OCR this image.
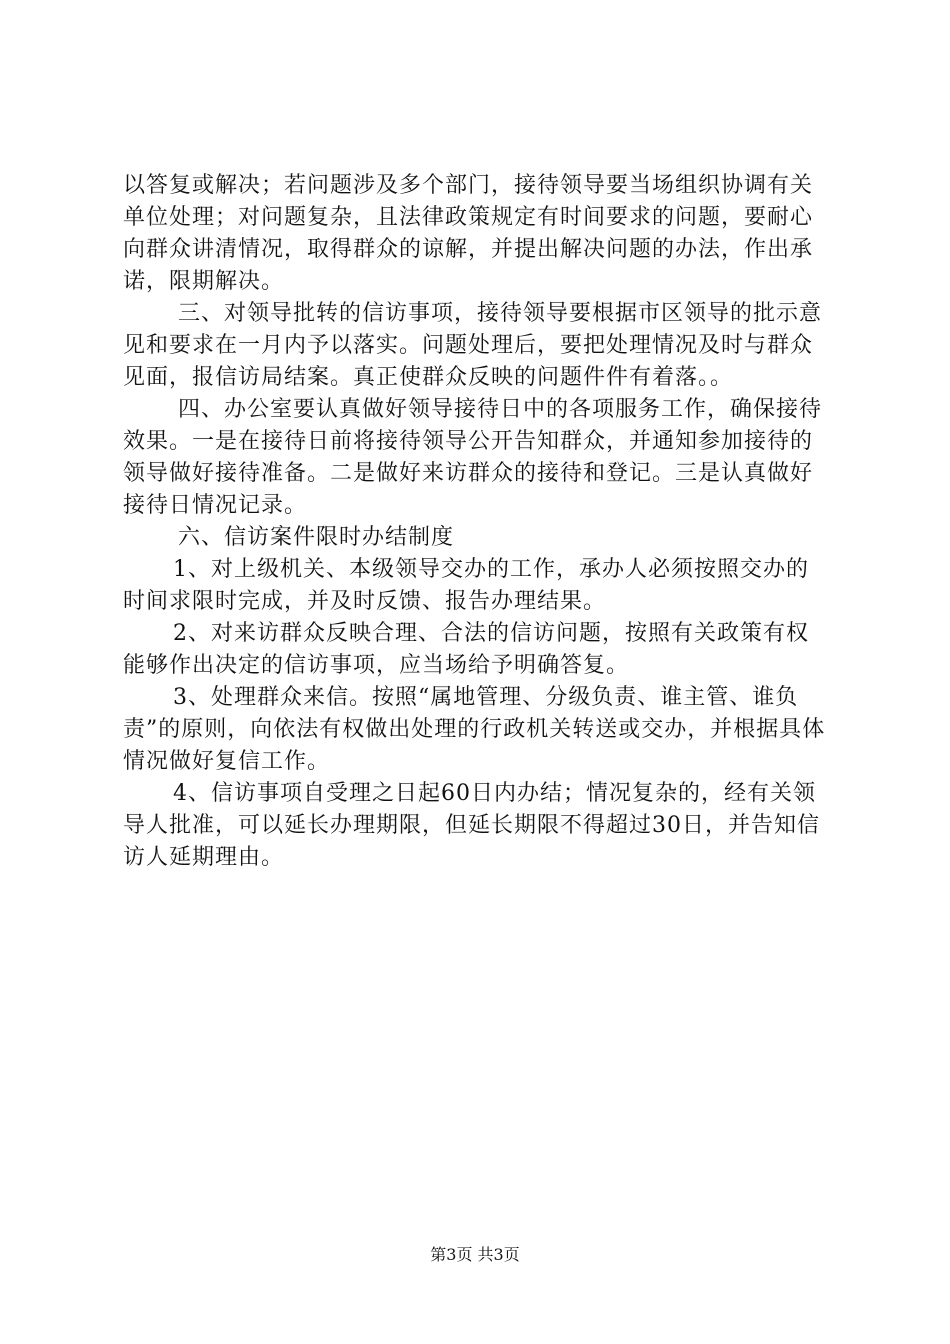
以答复或解决；若问题涉及多个部门，接待领导要当场组织协调有关单位处理；对问题复杂，且法律政策规定有时间要求的问题，要耐心向群众讲清情况，取得群众的谅解，并提出解决问题的办法，作出承诺，限期解决。

三、对领导批转的信访事项，接待领导要根据市区领导的批示意见和要求在一月内予以落实。问题处理后，要把处理情况及时与群众见面，报信访局结案。真正使群众反映的问题件件有着落。。

四、办公室要认真做好领导接待日中的各项服务工作，确保接待效果。一是在接待日前将接待领导公开告知群众，并通知参加接待的领导做好接待准备。二是做好来访群众的接待和登记。三是认真做好接待日情况记录。

六、信访案件限时办结制度

1、对上级机关、本级领导交办的工作，承办人必须按照交办的时间求限时完成，并及时反馈、报告办理结果。

2、对来访群众反映合理、合法的信访问题，按照有关政策有权能够作出决定的信访事项，应当场给予明确答复。

3、处理群众来信。按照“属地管理、分级负责、谁主管、谁负责”的原则，向依法有权做出处理的行政机关转送或交办，并根据具体情况做好复信工作。

4、信访事项自受理之日起60日内办结；情况复杂的，经有关领导人批准，可以延长办理期限，但延长期限不得超过30日，并告知信访人延期理由。

第3页 共3页
